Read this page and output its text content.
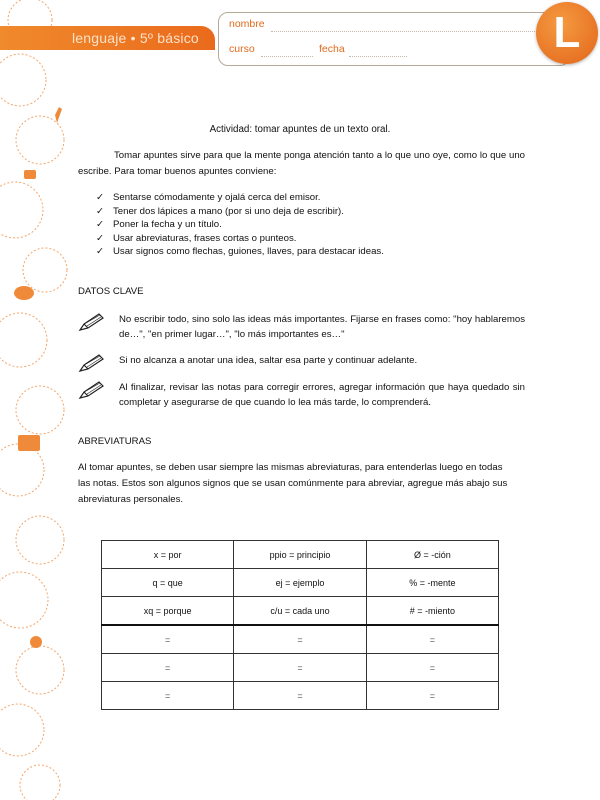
lenguaje • 5º básico
nombre
curso	fecha	L
Actividad: tomar apuntes de un texto oral.

Tomar apuntes sirve para que la mente ponga atención tanto a lo que uno oye, como lo que uno escribe. Para tomar buenos apuntes conviene:

✓ Sentarse cómodamente y ojalá cerca del emisor.
✓ Tener dos lápices a mano (por si uno deja de escribir).
✓ Poner la fecha y un título.
✓ Usar abreviaturas, frases cortas o punteos.
✓ Usar signos como flechas, guiones, llaves, para destacar ideas.
DATOS CLAVE

No escribir todo, sino solo las ideas más importantes. Fijarse en frases como: "hoy hablaremos de…", "en primer lugar…", "lo más importantes es…"

Si no alcanza a anotar una idea, saltar esa parte y continuar adelante.

Al finalizar, revisar las notas para corregir errores, agregar información que haya quedado sin completar y asegurarse de que cuando lo lea más tarde, lo comprenderá.

ABREVIATURAS

Al tomar apuntes, se deben usar siempre las mismas abreviaturas, para entenderlas luego en todas las notas. Estos son algunos signos que se usan comúnmente para abreviar, agregue más abajo sus abreviaturas personales.

x = por	ppio = principio	Ø = -ción
q = que	ej = ejemplo	% = -mente
xq = porque	c/u = cada uno	# = -miento
=	=	=
=	=	=
=	=	=
